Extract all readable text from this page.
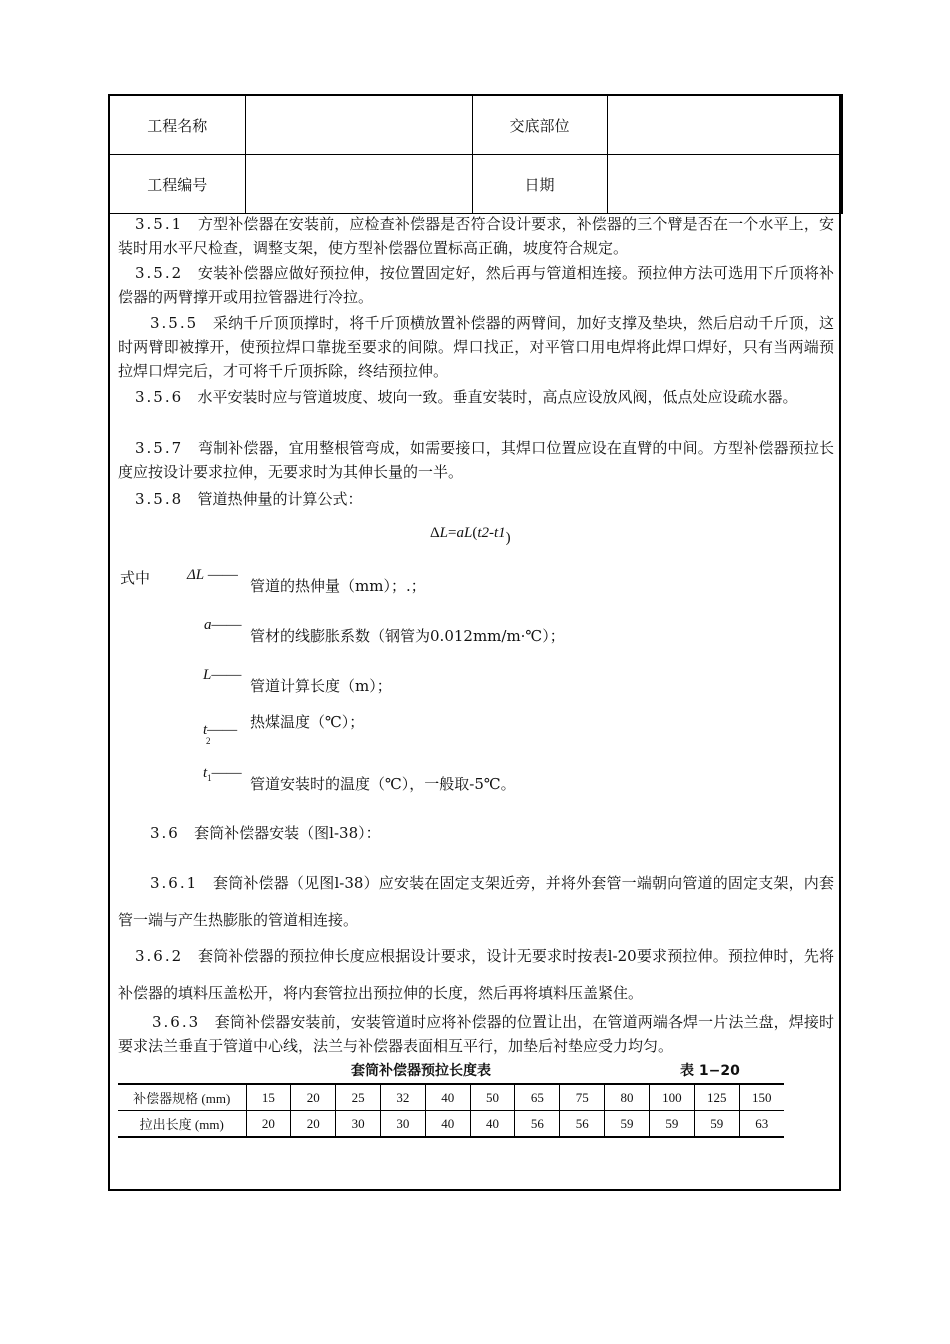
工程名称		交底部位	
工程编号		日期	

3.5.1 方型补偿器在安装前，应检查补偿器是否符合设计要求，补偿器的三个臂是否在一个水平上，安装时用水平尺检查，调整支架，使方型补偿器位置标高正确，坡度符合规定。

3.5.2 安装补偿器应做好预拉伸，按位置固定好，然后再与管道相连接。预拉伸方法可选用下斤顶将补偿器的两臂撑开或用拉管器进行冷拉。

3.5.5 采纳千斤顶顶撑时，将千斤顶横放置补偿器的两臂间，加好支撑及垫块，然后启动千斤顶，这时两臂即被撑开，使预拉焊口靠拢至要求的间隙。焊口找正，对平管口用电焊将此焊口焊好，只有当两端预拉焊口焊完后，才可将千斤顶拆除，终结预拉伸。

3.5.6 水平安装时应与管道坡度、坡向一致。垂直安装时，高点应设放风阀，低点处应设疏水器。

3.5.7 弯制补偿器，宜用整根管弯成，如需要接口，其焊口位置应设在直臂的中间。方型补偿器预拉长度应按设计要求拉伸，无要求时为其伸长量的一半。

3.5.8 管道热伸量的计算公式：

ΔL=aL(t2-t1)
式中 ΔL ——
管道的热伸量（mm）；.；
a——
管材的线膨胀系数（钢管为0.012mm/m·℃）；
L——
管道计算长度（m）；
t——
2
热煤温度（℃）；
$t_1——$
管道安装时的温度（℃），一般取-5℃。

3.6 套筒补偿器安装（图l-38）：

3.6.1 套筒补偿器（见图l-38）应安装在固定支架近旁，并将外套管一端朝向管道的固定支架，内套管一端与产生热膨胀的管道相连接。

3.6.2 套筒补偿器的预拉伸长度应根据设计要求，设计无要求时按表l-20要求预拉伸。预拉伸时，先将补偿器的填料压盖松开，将内套管拉出预拉伸的长度，然后再将填料压盖紧住。

3.6.3 套筒补偿器安装前，安装管道时应将补偿器的位置让出，在管道两端各焊一片法兰盘，焊接时要求法兰垂直于管道中心线，法兰与补偿器表面相互平行，加垫后衬垫应受力均匀。

套筒补偿器预拉长度表	表 1−20
补偿器规格 (mm)	15	20	25	32	40	50	65	75	80	100	125	150
拉出长度 (mm)	20	20	30	30	40	40	56	56	59	59	59	63
